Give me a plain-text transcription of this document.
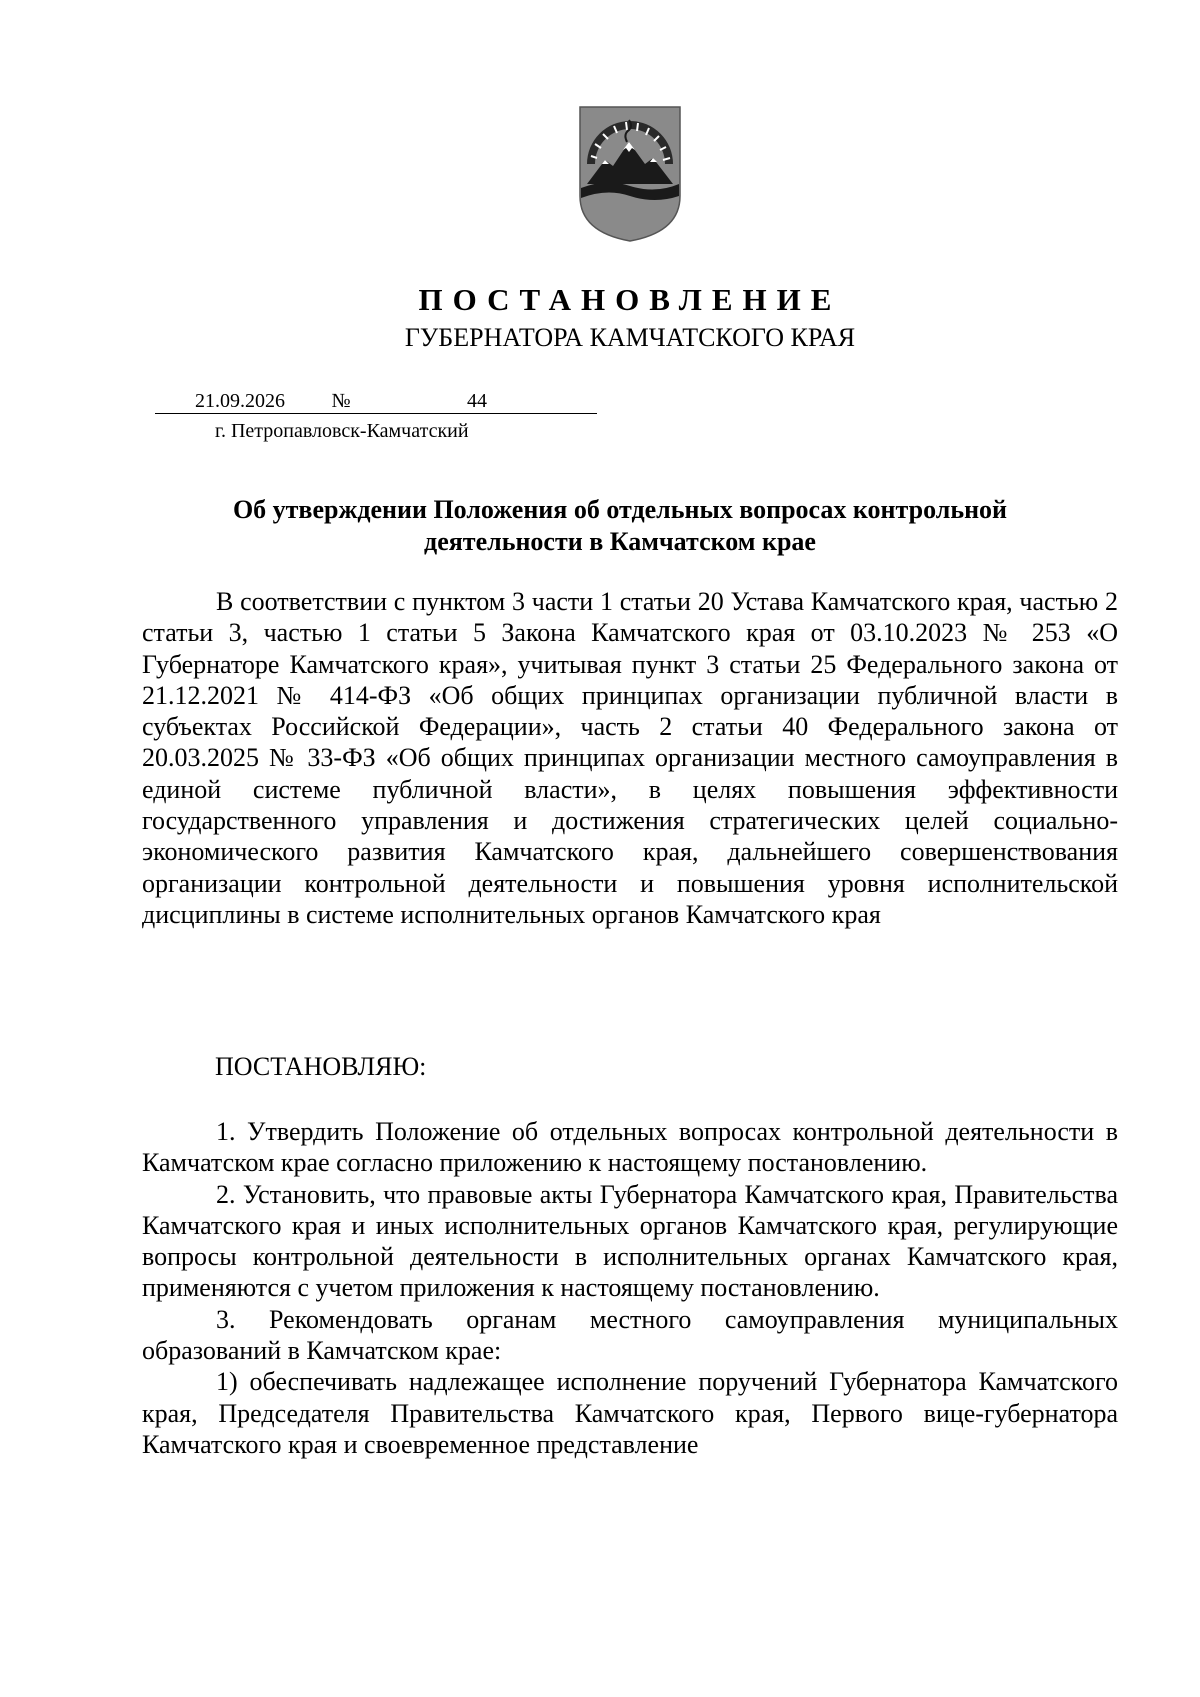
ПОСТАНОВЛЕНИЕ
ГУБЕРНАТОРА КАМЧАТСКОГО КРАЯ
21.09.2026 №	44
г. Петропавловск-Камчатский
Об утверждении Положения об отдельных вопросах контрольной деятельности в Камчатском крае

В соответствии с пунктом 3 части 1 статьи 20 Устава Камчатского края, частью 2 статьи 3, частью 1 статьи 5 Закона Камчатского края от 03.10.2023 № 253 «О Губернаторе Камчатского края», учитывая пункт 3 статьи 25 Федерального закона от 21.12.2021 № 414-ФЗ «Об общих принципах организации публичной власти в субъектах Российской Федерации», часть 2 статьи 40 Федерального закона от 20.03.2025 № 33-ФЗ «Об общих принципах организации местного самоуправления в единой системе публичной власти», в целях повышения эффективности государственного управления и достижения стратегических целей социально-экономического развития Камчатского края, дальнейшего совершенствования организации контрольной деятельности и повышения уровня исполнительской дисциплины в системе исполнительных органов Камчатского края

ПОСТАНОВЛЯЮ:

1. Утвердить Положение об отдельных вопросах контрольной деятельности в Камчатском крае согласно приложению к настоящему постановлению.

2. Установить, что правовые акты Губернатора Камчатского края, Правительства Камчатского края и иных исполнительных органов Камчатского края, регулирующие вопросы контрольной деятельности в исполнительных органах Камчатского края, применяются с учетом приложения к настоящему постановлению.

3. Рекомендовать органам местного самоуправления муниципальных образований в Камчатском крае:

1) обеспечивать надлежащее исполнение поручений Губернатора Камчатского края, Председателя Правительства Камчатского края, Первого вице-губернатора Камчатского края и своевременное представление
